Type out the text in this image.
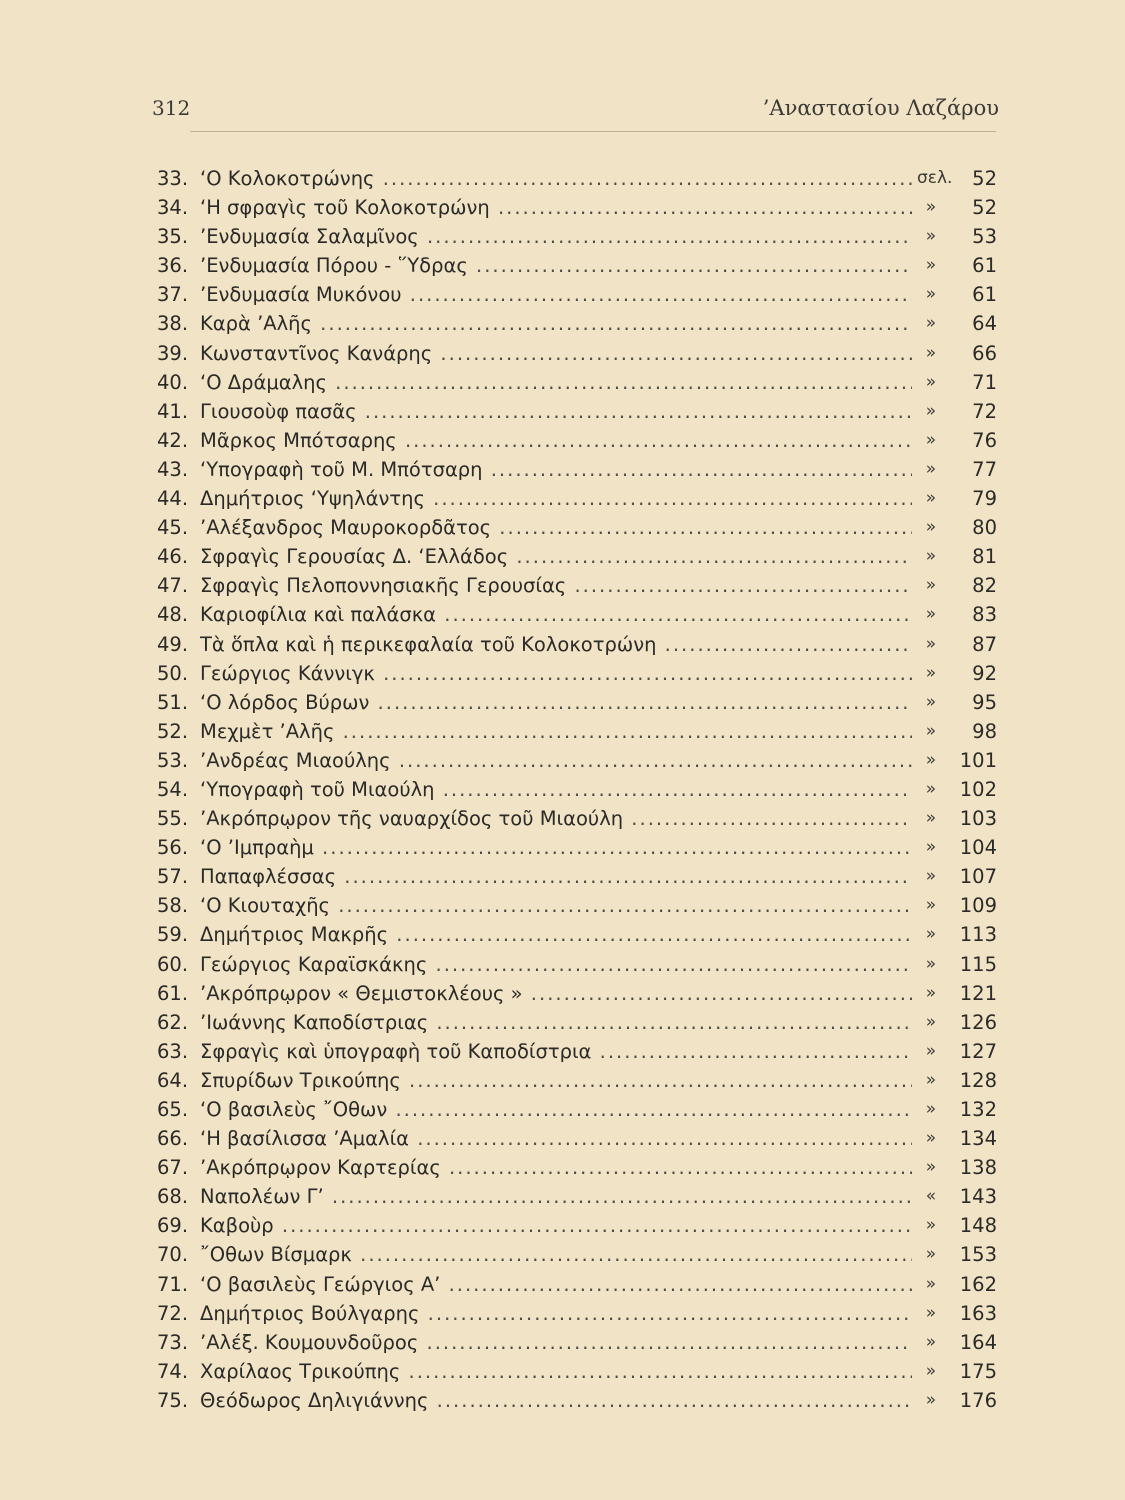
312	’Αναστασίου Λαζάρου
33. ‘Ο Κολοκοτρώνης .....	σελ.	52
34. ‘Η σφραγὶς τοῦ Κολοκοτρώνη .....	»	52
35. ’Ενδυμασία Σαλαμῖνος .....	»	53
36. ’Ενδυμασία Πόρου - ῞Υδρας .....	»	61
37. ’Ενδυμασία Μυκόνου .....	»	61
38. Καρὰ ’Αλῆς .....	»	64
39. Κωνσταντῖνος Κανάρης .....	»	66
40. ‘Ο Δράμαλης .....	»	71
41. Γιουσοὺφ πασᾶς .....	»	72
42. Μᾶρκος Μπότσαρης .....	»	76
43. ‘Υπογραφὴ τοῦ Μ. Μπότσαρη .....	»	77
44. Δημήτριος ‘Υψηλάντης .....	»	79
45. ’Αλέξανδρος Μαυροκορδᾶτος .....	»	80
46. Σφραγὶς Γερουσίας Δ. ‘Ελλάδος .....	»	81
47. Σφραγὶς Πελοποννησιακῆς Γερουσίας .....	»	82
48. Καριοφίλια καὶ παλάσκα .....	»	83
49. Τὰ ὅπλα καὶ ἡ περικεφαλαία τοῦ Κολοκοτρώνη .....	»	87
50. Γεώργιος Κάννιγκ .....	»	92
51. ‘Ο λόρδος Βύρων .....	»	95
52. Μεχμὲτ ’Αλῆς .....	»	98
53. ’Ανδρέας Μιαούλης .....	»	101
54. ‘Υπογραφὴ τοῦ Μιαούλη .....	»	102
55. ’Ακρόπρῳρον τῆς ναυαρχίδος τοῦ Μιαούλη .....	»	103
56. ‘Ο ’Ιμπραὴμ .....	»	104
57. Παπαφλέσσας .....	»	107
58. ‘Ο Κιουταχῆς .....	»	109
59. Δημήτριος Μακρῆς .....	»	113
60. Γεώργιος Καραϊσκάκης .....	»	115
61. ’Ακρόπρῳρον « Θεμιστοκλέους » .....	»	121
62. ’Ιωάννης Καποδίστριας .....	»	126
63. Σφραγὶς καὶ ὑπογραφὴ τοῦ Καποδίστρια .....	»	127
64. Σπυρίδων Τρικούπης .....	»	128
65. ‘Ο βασιλεὺς ῎Οθων .....	»	132
66. ‘Η βασίλισσα ’Αμαλία .....	»	134
67. ’Ακρόπρῳρον Καρτερίας .....	»	138
68. Ναπολέων Γ’ .....	«	143
69. Καβοὺρ .....	»	148
70. ῎Οθων Βίσμαρκ .....	»	153
71. ‘Ο βασιλεὺς Γεώργιος Α’ .....	»	162
72. Δημήτριος Βούλγαρης .....	»	163
73. ’Αλέξ. Κουμουνδοῦρος .....	»	164
74. Χαρίλαος Τρικούπης .....	»	175
75. Θεόδωρος Δηλιγιάννης .....	»	176
